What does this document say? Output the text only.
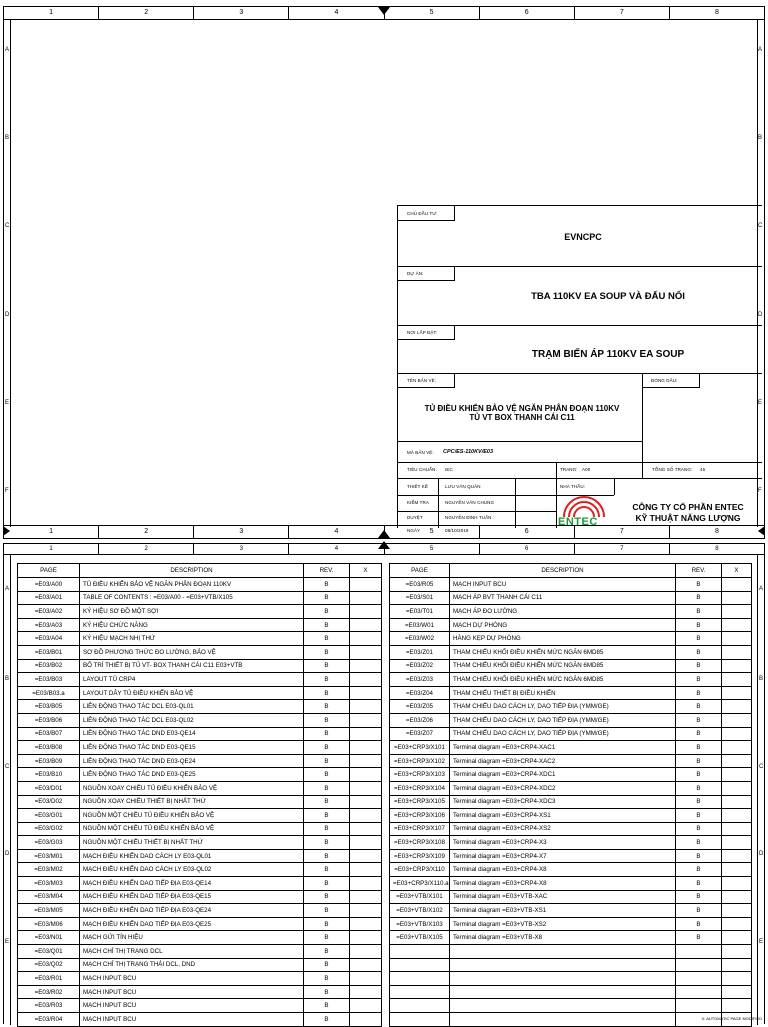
1	2	3	4	5	6	7	8
1	2	3	4	5	6	7	8
A
B
C
D
E
F
A
B
C
D
E
F
CHỦ ĐẦU TƯ:
EVNCPC
DỰ ÁN:
TBA 110KV EA SOUP VÀ ĐẤU NỐI
NƠI LẮP ĐẶT:
TRẠM BIẾN ÁP 110KV EA SOUP
TÊN BẢN VẼ:	ĐÓNG DẤU:
TỦ ĐIỀU KHIỂN BẢO VỆ NGĂN PHÂN ĐOẠN 110KV
TỦ VT BOX THANH CÁI C11
MÃ BẢN VẼ: CPC/ES-110KV/E03
TIÊU CHUẨN: IEC	TRANG: A00	TỔNG SỐ TRANG: 45
THIẾT KẾ	LƯU VĂN QUÂN	NHÀ THẦU:
KIỂM TRA	NGUYỄN VĂN CHUNG
DUYỆT	NGUYỄN ĐÌNH TUẤN
NGÀY	08/10/2019
ENTEC
CÔNG TY CỔ PHẦN ENTEC
KỸ THUẬT NĂNG LƯỢNG
1	2	3	4	5	6	7	8
A
B
C
D
E
A
B
C
D
E
PAGE	DESCRIPTION	REV.	X
=E03/A00	TỦ ĐIỀU KHIỂN BẢO VỆ NGĂN PHÂN ĐOẠN 110KV	B	
=E03/A01	TABLE OF CONTENTS : =E03/A00 - =E03+VTB/X105	B	
=E03/A02	KÝ HIỆU SƠ ĐỒ MỘT SỢI	B	
=E03/A03	KÝ HIỆU CHỨC NĂNG	B	
=E03/A04	KÝ HIỆU MẠCH NHỊ THỨ	B	
=E03/B01	SƠ ĐỒ PHƯƠNG THỨC ĐO LƯỜNG, BẢO VỆ	B	
=E03/B02	BỐ TRÍ THIẾT BỊ TỦ VT- BOX THANH CÁI C11 E03+VTB	B	
=E03/B03	LAYOUT TỦ CRP4	B	
=E03/B03.a	LAYOUT DÂY TỦ ĐIỀU KHIỂN BẢO VỆ	B	
=E03/B05	LIÊN ĐỘNG THAO TÁC DCL E03-QL01	B	
=E03/B06	LIÊN ĐỘNG THAO TÁC DCL E03-QL02	B	
=E03/B07	LIÊN ĐỘNG THAO TÁC DND E03-QE14	B	
=E03/B08	LIÊN ĐỘNG THAO TÁC DND E03-QE15	B	
=E03/B09	LIÊN ĐỘNG THAO TÁC DND E03-QE24	B	
=E03/B10	LIÊN ĐỘNG THAO TÁC DND E03-QE25	B	
=E03/D01	NGUỒN XOAY CHIỀU TỦ ĐIỀU KHIỂN BẢO VỆ	B	
=E03/D02	NGUỒN XOAY CHIỀU THIẾT BỊ NHẤT THỨ	B	
=E03/G01	NGUỒN MỘT CHIỀU TỦ ĐIỀU KHIỂN BẢO VỆ	B	
=E03/G02	NGUỒN MỘT CHIỀU TỦ ĐIỀU KHIỂN BẢO VỆ	B	
=E03/G03	NGUỒN MỘT CHIỀU THIẾT BỊ NHẤT THỨ	B	
=E03/M01	MẠCH ĐIỀU KHIỂN DAO CÁCH LY E03-QL01	B	
=E03/M02	MẠCH ĐIỀU KHIỂN DAO CÁCH LY E03-QL02	B	
=E03/M03	MẠCH ĐIỀU KHIỂN DAO TIẾP ĐỊA E03-QE14	B	
=E03/M04	MẠCH ĐIỀU KHIỂN DAO TIẾP ĐỊA E03-QE15	B	
=E03/M05	MẠCH ĐIỀU KHIỂN DAO TIẾP ĐỊA E03-QE24	B	
=E03/M06	MẠCH ĐIỀU KHIỂN DAO TIẾP ĐỊA E03-QE25	B	
=E03/N01	MẠCH GỬI TÍN HIỆU	B	
=E03/Q01	MẠCH CHỈ THỊ TRẠNG DCL	B	
=E03/Q02	MẠCH CHỈ THỊ TRẠNG THÁI DCL, DND	B	
=E03/R01	MẠCH INPUT BCU	B	
=E03/R02	MẠCH INPUT BCU	B	
=E03/R03	MẠCH INPUT BCU	B	
=E03/R04	MẠCH INPUT BCU	B	
PAGE	DESCRIPTION	REV.	X
=E03/R05	MẠCH INPUT BCU	B	
=E03/S01	MẠCH ÁP BVT THANH CÁI C11	B	
=E03/T01	MẠCH ÁP ĐO LƯỜNG	B	
=E03/W01	MẠCH DỰ PHÒNG	B	
=E03/W02	HÀNG KẸP DỰ PHÒNG	B	
=E03/Z01	THAM CHIẾU KHỐI ĐIỀU KHIỂN MỨC NGĂN 6MD85	B	
=E03/Z02	THAM CHIẾU KHỐI ĐIỀU KHIỂN MỨC NGĂN 6MD85	B	
=E03/Z03	THAM CHIẾU KHỐI ĐIỀU KHIỂN MỨC NGĂN 6MD85	B	
=E03/Z04	THAM CHIẾU THIẾT BỊ ĐIỀU KHIỂN	B	
=E03/Z05	THAM CHIẾU DAO CÁCH LY, DAO TIẾP ĐỊA (YMM/GE)	B	
=E03/Z06	THAM CHIẾU DAO CÁCH LY, DAO TIẾP ĐỊA (YMM/GE)	B	
=E03/Z07	THAM CHIẾU DAO CÁCH LY, DAO TIẾP ĐỊA (YMM/GE)	B	
=E03+CRP3/X101	Terminal diagram =E03+CRP4-XAC1	B	
=E03+CRP3/X102	Terminal diagram =E03+CRP4-XAC2	B	
=E03+CRP3/X103	Terminal diagram =E03+CRP4-XDC1	B	
=E03+CRP3/X104	Terminal diagram =E03+CRP4-XDC2	B	
=E03+CRP3/X105	Terminal diagram =E03+CRP4-XDC3	B	
=E03+CRP3/X106	Terminal diagram =E03+CRP4-XS1	B	
=E03+CRP3/X107	Terminal diagram =E03+CRP4-XS2	B	
=E03+CRP3/X108	Terminal diagram =E03+CRP4-X3	B	
=E03+CRP3/X109	Terminal diagram =E03+CRP4-X7	B	
=E03+CRP3/X110	Terminal diagram =E03+CRP4-X8	B	
=E03+CRP3/X110.a	Terminal diagram =E03+CRP4-X8	B	
=E03+VTB/X101	Terminal diagram =E03+VTB-XAC	B	
=E03+VTB/X102	Terminal diagram =E03+VTB-XS1	B	
=E03+VTB/X103	Terminal diagram =E03+VTB-XS2	B	
=E03+VTB/X105	Terminal diagram =E03+VTB-X8	B	

X: AUTOMATIC PAGE MODIFIED
